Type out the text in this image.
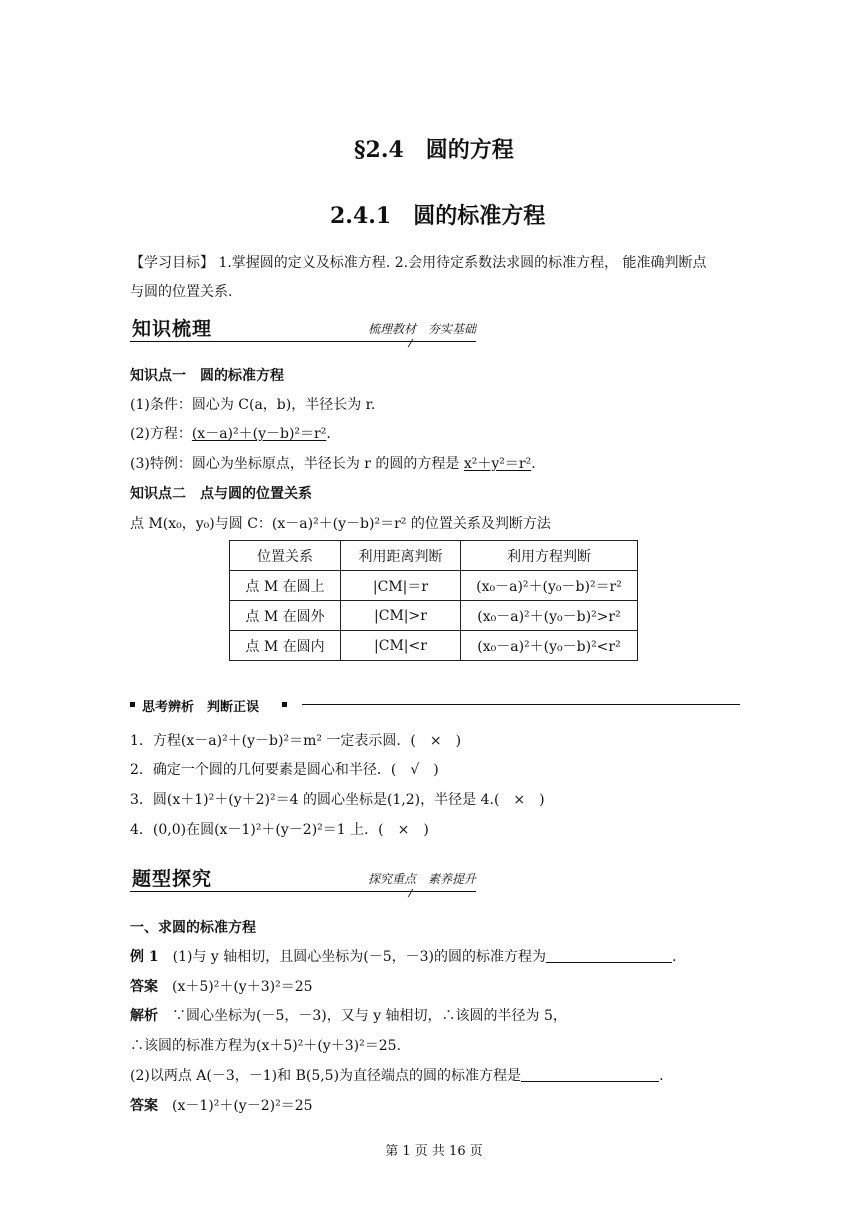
§2.4　圆的方程
2.4.1　圆的标准方程
【学习目标】 1.掌握圆的定义及标准方程. 2.会用待定系数法求圆的标准方程， 能准确判断点
与圆的位置关系.
知识梳理	梳理教材　夯实基础
知识点一　圆的标准方程
(1)条件：圆心为 C(a，b)，半径长为 r.
(2)方程：(x－a)²＋(y－b)²＝r².
(3)特例：圆心为坐标原点，半径长为 r 的圆的方程是 x²＋y²＝r².
知识点二　点与圆的位置关系
点 M(x₀，y₀)与圆 C：(x－a)²＋(y－b)²＝r² 的位置关系及判断方法
位置关系	利用距离判断	利用方程判断
点 M 在圆上	|CM|＝r	(x₀－a)²＋(y₀－b)²＝r²
点 M 在圆外	|CM|>r	(x₀－a)²＋(y₀－b)²>r²
点 M 在圆内	|CM|<r	(x₀－a)²＋(y₀－b)²<r²
思考辨析　判断正误
1．方程(x－a)²＋(y－b)²＝m² 一定表示圆．(　×　)
2．确定一个圆的几何要素是圆心和半径．(　√　)
3．圆(x＋1)²＋(y＋2)²＝4 的圆心坐标是(1,2)，半径是 4.(　×　)
4．(0,0)在圆(x－1)²＋(y－2)²＝1 上．(　×　)
题型探究	探究重点　素养提升
一、求圆的标准方程
例 1　(1)与 y 轴相切，且圆心坐标为(－5，－3)的圆的标准方程为	.
答案　(x＋5)²＋(y＋3)²＝25
解析　∵圆心坐标为(－5，－3)，又与 y 轴相切，∴该圆的半径为 5，
∴该圆的标准方程为(x＋5)²＋(y＋3)²＝25.
(2)以两点 A(－3，－1)和 B(5,5)为直径端点的圆的标准方程是	.
答案　(x－1)²＋(y－2)²＝25
第 1 页 共 16 页
